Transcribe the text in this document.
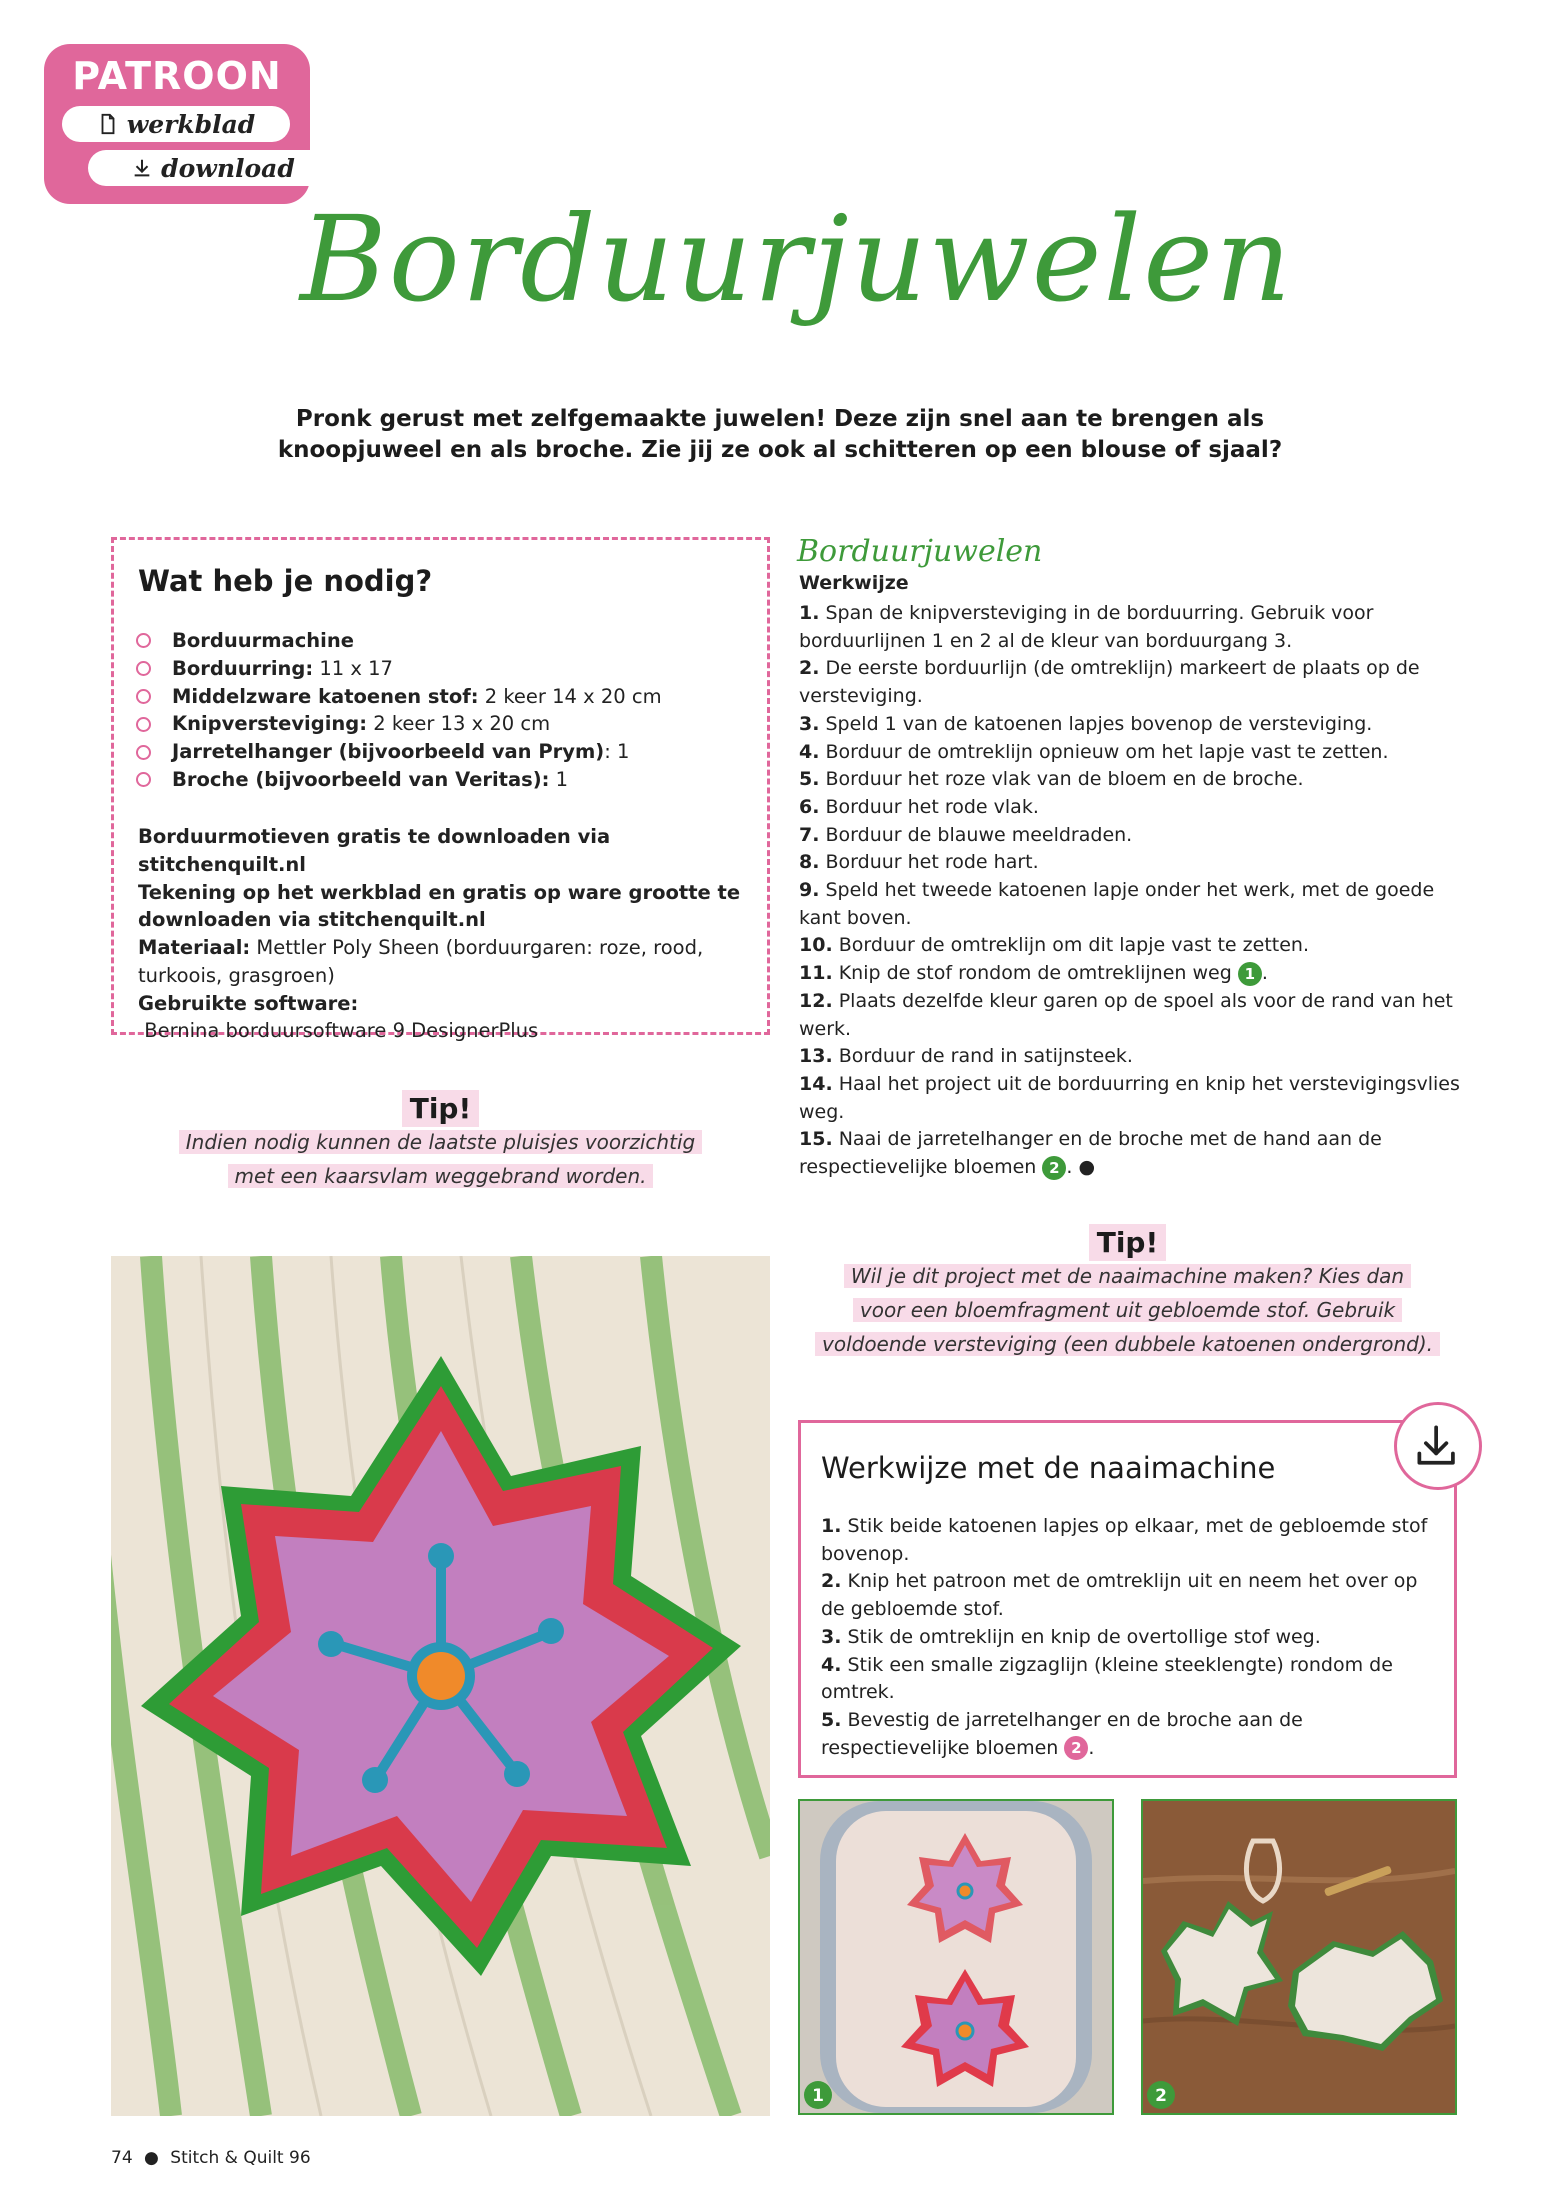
PATROON
werkblad
download
Borduurjuwelen
Pronk gerust met zelfgemaakte juwelen! Deze zijn snel aan te brengen als
knoopjuweel en als broche. Zie jij ze ook al schitteren op een blouse of sjaal?
Wat heb je nodig?
Borduurmachine
Borduurring: 11 x 17
Middelzware katoenen stof: 2 keer 14 x 20 cm
Knipversteviging: 2 keer 13 x 20 cm
Jarretelhanger (bijvoorbeeld van Prym) : 1
Broche (bijvoorbeeld van Veritas): 1
Borduurmotieven gratis te downloaden via stitchenquilt.nl
Tekening op het werkblad en gratis op ware grootte te
downloaden via stitchenquilt.nl
Materiaal: Mettler Poly Sheen (borduurgaren: roze, rood,
turkoois, grasgroen)
Gebruikte software: Bernina borduursoftware 9 DesignerPlus
Tip!
Indien nodig kunnen de laatste pluisjes voorzichtig
met een kaarsvlam weggebrand worden.
Borduurjuwelen
Werkwijze
1. Span de knipversteviging in de borduurring. Gebruik voor borduurlijnen 1 en 2 al de kleur van borduurgang 3.
2. De eerste borduurlijn (de omtreklijn) markeert de plaats op de versteviging.
3. Speld 1 van de katoenen lapjes bovenop de versteviging.
4. Borduur de omtreklijn opnieuw om het lapje vast te zetten.
5. Borduur het roze vlak van de bloem en de broche.
6. Borduur het rode vlak.
7. Borduur de blauwe meeldraden.
8. Borduur het rode hart.
9. Speld het tweede katoenen lapje onder het werk, met de goede kant boven.
10. Borduur de omtreklijn om dit lapje vast te zetten.
11. Knip de stof rondom de omtreklijnen weg 1 .
12. Plaats dezelfde kleur garen op de spoel als voor de rand van het werk.
13. Borduur de rand in satijnsteek.
14. Haal het project uit de borduurring en knip het verstevigingsvlies weg.
15. Naai de jarretelhanger en de broche met de hand aan de respectievelijke bloemen 2 . ●
Tip!
Wil je dit project met de naaimachine maken? Kies dan
voor een bloemfragment uit gebloemde stof. Gebruik
voldoende versteviging (een dubbele katoenen ondergrond).
Werkwijze met de naaimachine
1. Stik beide katoenen lapjes op elkaar, met de gebloemde stof bovenop.
2. Knip het patroon met de omtreklijn uit en neem het over op de gebloemde stof.
3. Stik de omtreklijn en knip de overtollige stof weg.
4. Stik een smalle zigzaglijn (kleine steeklengte) rondom de omtrek.
5. Bevestig de jarretelhanger en de broche aan de respectievelijke bloemen 2 .
1	2
74 ● Stitch & Quilt 96
